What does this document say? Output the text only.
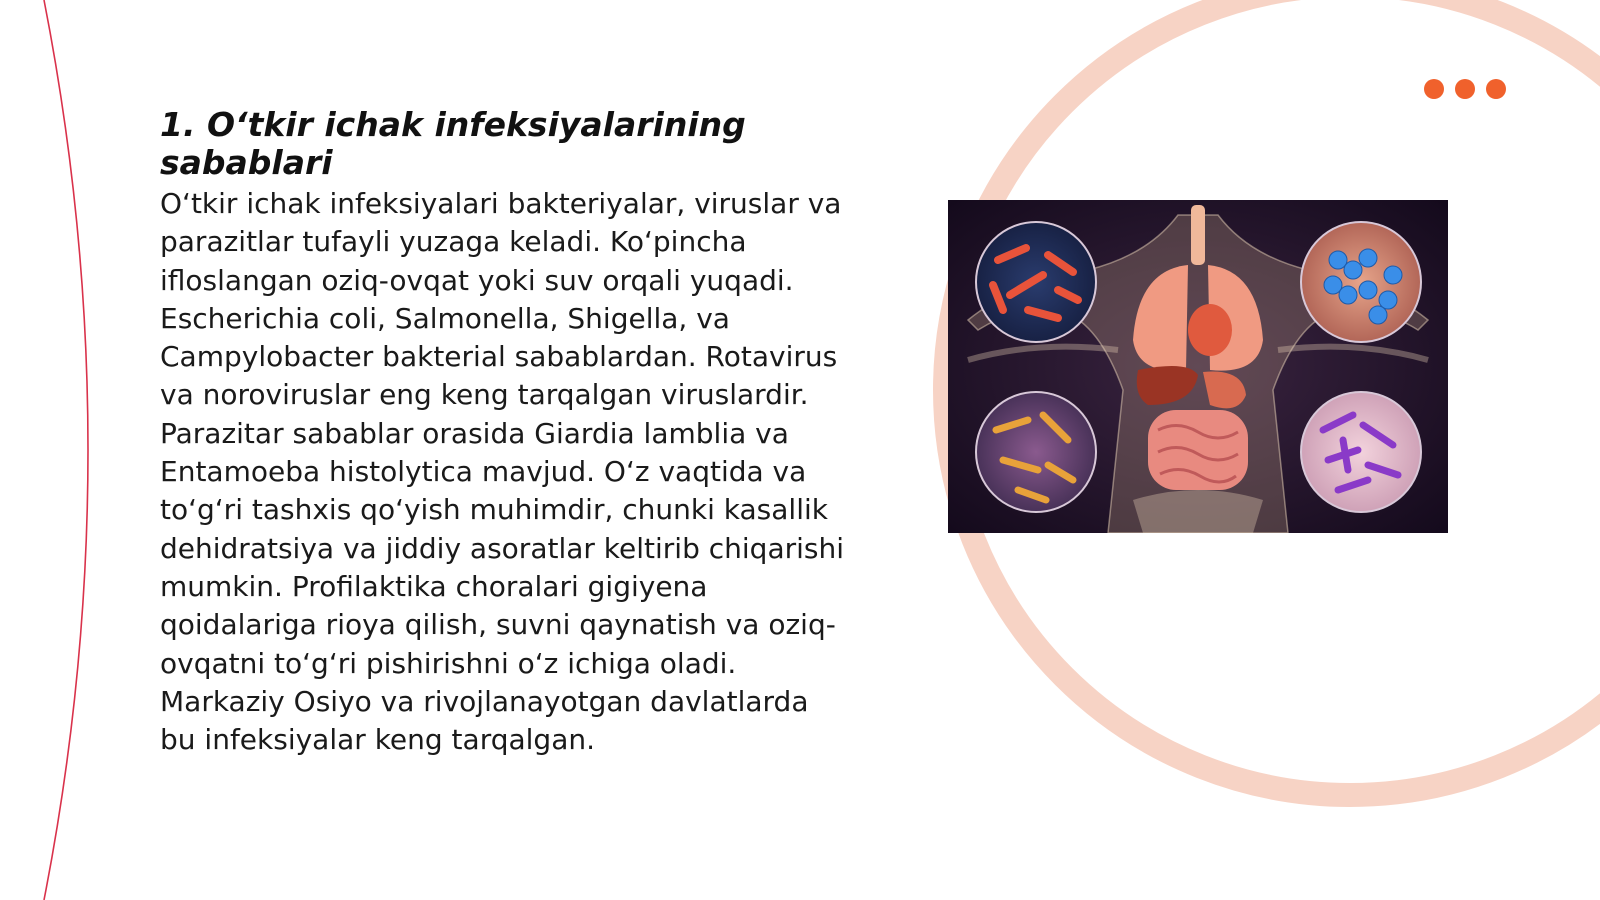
1. O‘tkir ichak infeksiyalarining sabablari

O‘tkir ichak infeksiyalari bakteriyalar, viruslar va parazitlar tufayli yuzaga keladi. Ko‘pincha ifloslangan oziq-ovqat yoki suv orqali yuqadi. Escherichia coli, Salmonella, Shigella, va Campylobacter bakterial sabablardan. Rotavirus va noroviruslar eng keng tarqalgan viruslardir. Parazitar sabablar orasida Giardia lamblia va Entamoeba histolytica mavjud. O‘z vaqtida va to‘g‘ri tashxis qo‘yish muhimdir, chunki kasallik dehidratsiya va jiddiy asoratlar keltirib chiqarishi mumkin. Profilaktika choralari gigiyena qoidalariga rioya qilish, suvni qaynatish va oziq-ovqatni to‘g‘ri pishirishni o‘z ichiga oladi. Markaziy Osiyo va rivojlanayotgan davlatlarda bu infeksiyalar keng tarqalgan.
